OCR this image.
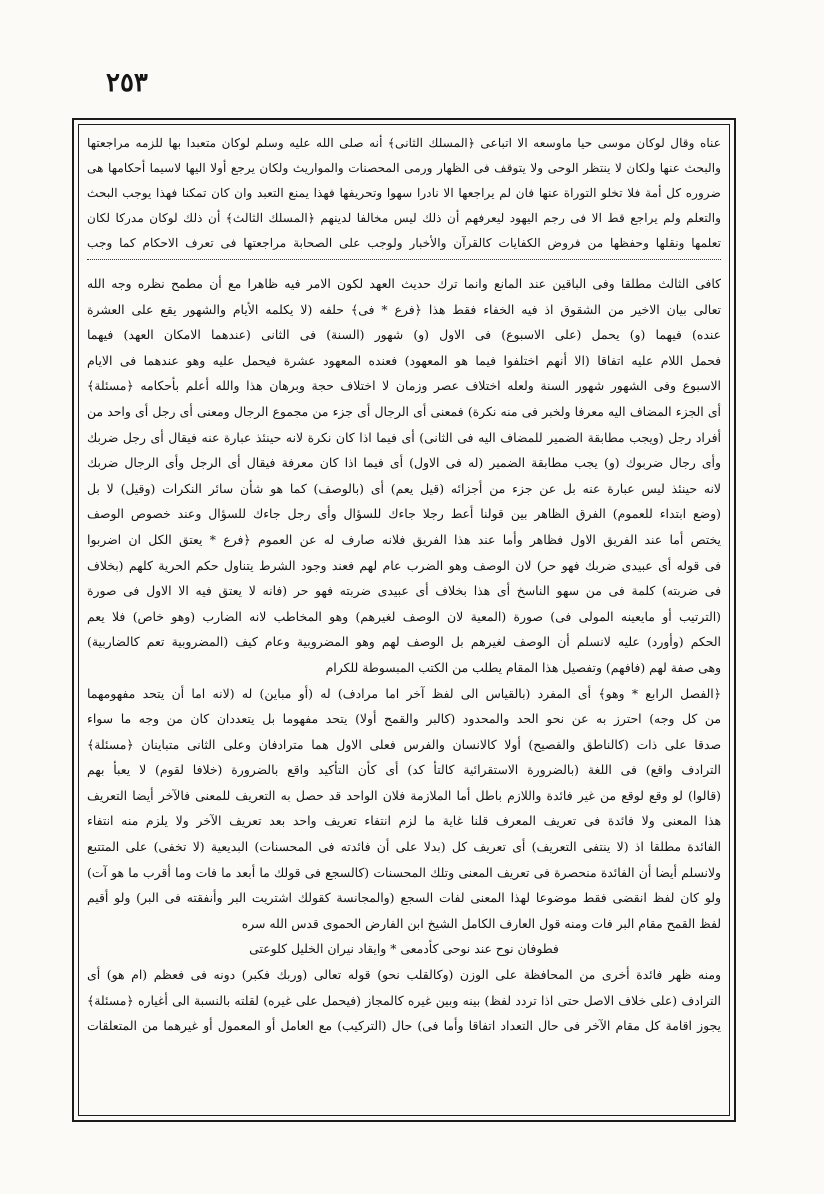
٢٥٣
عناه وقال لوكان موسى حيا ماوسعه الا اتباعى ﴿المسلك الثانى﴾ أنه صلى الله عليه وسلم لوكان متعبدا بها للزمه مراجعتها
والبحث عنها ولكان لا ينتظر الوحى ولا يتوقف فى الظهار ورمى المحصنات والمواريث ولكان يرجع أولا اليها لاسيما أحكامها هى
ضروره كل أمة فلا تخلو التوراة عنها فان لم يراجعها الا نادرا سهوا وتحريفها فهذا يمنع التعبد وان كان تمكنا فهذا يوجب البحث
والتعلم ولم يراجع قط الا فى رجم اليهود ليعرفهم أن ذلك ليس مخالفا لدينهم ﴿المسلك الثالث﴾ أن ذلك لوكان مدركا لكان
تعلمها ونقلها وحفظها من فروض الكفايات كالقرآن والأخبار ولوجب على الصحابة مراجعتها فى تعرف الاحكام كما وجب
كافى الثالث مطلقا وفى الباقين عند المانع وانما ترك حديث العهد لكون الامر فيه ظاهرا مع أن مطمح نظره وجه الله
تعالى بيان الاخير من الشقوق اذ فيه الخفاء فقط هذا ﴿فرع * فى﴾ حلفه (لا يكلمه الأيام والشهور يقع على العشرة
عنده) فيهما (و) يحمل (على الاسبوع) فى الاول (و) شهور (السنة) فى الثانى (عندهما الامكان العهد) فيهما
فحمل اللام عليه اتفاقا (الا أنهم اختلفوا فيما هو المعهود) فعنده المعهود عشرة فيحمل عليه وهو عندهما فى الايام
الاسبوع وفى الشهور شهور السنة ولعله اختلاف عصر وزمان لا اختلاف حجة وبرهان هذا والله أعلم بأحكامه ﴿مسئلة﴾
أى الجزء المضاف اليه معرفا ولخبر فى منه نكرة) فمعنى أى الرجال أى جزء من مجموع الرجال ومعنى أى رجل أى واحد من
أفراد رجل (ويجب مطابقة الضمير للمضاف اليه فى الثانى) أى فيما اذا كان نكرة لانه حينئذ عبارة عنه فيقال أى رجل ضربك
وأى رجال ضربوك (و) يجب مطابقة الضمير (له فى الاول) أى فيما اذا كان معرفة فيقال أى الرجل وأى الرجال ضربك
لانه حينئذ ليس عبارة عنه بل عن جزء من أجزائه (قيل يعم) أى (بالوصف) كما هو شأن سائر النكرات (وقيل) لا بل
(وضع ابتداء للعموم) الفرق الظاهر بين قولنا أعط رجلا جاءك للسؤال وأى رجل جاءك للسؤال وعند خصوص الوصف
يختص أما عند الفريق الاول فظاهر وأما عند هذا الفريق فلانه صارف له عن العموم ﴿فرع * يعتق الكل ان اضربوا
فى قوله أى عبيدى ضربك فهو حر) لان الوصف وهو الضرب عام لهم فعند وجود الشرط يتناول حكم الحرية كلهم (بخلاف
فى ضربته) كلمة فى من سهو الناسخ أى هذا بخلاف أى عبيدى ضربته فهو حر (فانه لا يعتق فيه الا الاول فى صورة
(الترتيب أو مايعينه المولى فى) صورة (المعية لان الوصف لغيرهم) وهو المخاطب لانه الضارب (وهو خاص) فلا يعم
الحكم (وأورد) عليه لانسلم أن الوصف لغيرهم بل الوصف لهم وهو المضروبية وعام كيف (المضروبية تعم كالضاربية)
وهى صفة لهم (فافهم) وتفصيل هذا المقام يطلب من الكتب المبسوطة للكرام
﴿الفصل الرابع * وهو﴾ أى المفرد (بالقياس الى لفظ آخر اما مرادف) له (أو مباين) له (لانه اما أن يتحد مفهومهما
من كل وجه) احترز به عن نحو الحد والمحدود (كالبر والقمح أولا) يتحد مفهوما بل يتعددان كان من وجه ما سواء
صدقا على ذات (كالناطق والفصيح) أولا كالانسان والفرس فعلى الاول هما مترادفان وعلى الثانى متباينان ﴿مسئلة﴾
الترادف واقع) فى اللغة (بالضرورة الاستقرائية كالتأ كد) أى كأن التأكيد واقع بالضرورة (خلافا لقوم) لا يعبأ بهم
(قالوا) لو وقع لوقع من غير فائدة واللازم باطل أما الملازمة فلان الواحد قد حصل به التعريف للمعنى فالآخر أيضا التعريف
هذا المعنى ولا فائدة فى تعريف المعرف قلنا غاية ما لزم انتفاء تعريف واحد بعد تعريف الآخر ولا يلزم منه انتفاء
الفائدة مطلقا اذ (لا ينتفى التعريف) أى تعريف كل (بدلا على أن فائدته فى المحسنات) البديعية (لا تخفى) على المتتبع
ولانسلم أيضا أن الفائدة منحصرة فى تعريف المعنى وتلك المحسنات (كالسجع فى قولك ما أبعد ما فات وما أقرب ما هو آت)
ولو كان لفظ انقضى فقط موضوعا لهذا المعنى لفات السجع (والمجانسة كقولك اشتريت البر وأنفقته فى البر) ولو أقيم
لفظ القمح مقام البر فات ومنه قول العارف الكامل الشيخ ابن الفارض الحموى قدس الله سره
فطوفان نوح عند نوحى كأدمعى * وايقاد نيران الخليل كلوعتى
ومنه ظهر فائدة أخرى من المحافظة على الوزن (وكالقلب نحو) قوله تعالى (وربك فكبر) دونه فى فعظم (ام هو) أى
الترادف (على خلاف الاصل حتى اذا تردد لفظ) بينه وبين غيره كالمجاز (فيحمل على غيره) لقلته بالنسبة الى أغياره ﴿مسئلة﴾
يجوز اقامة كل مقام الآخر فى حال التعداد اتفاقا وأما فى) حال (التركيب) مع العامل أو المعمول أو غيرهما من المتعلقات
